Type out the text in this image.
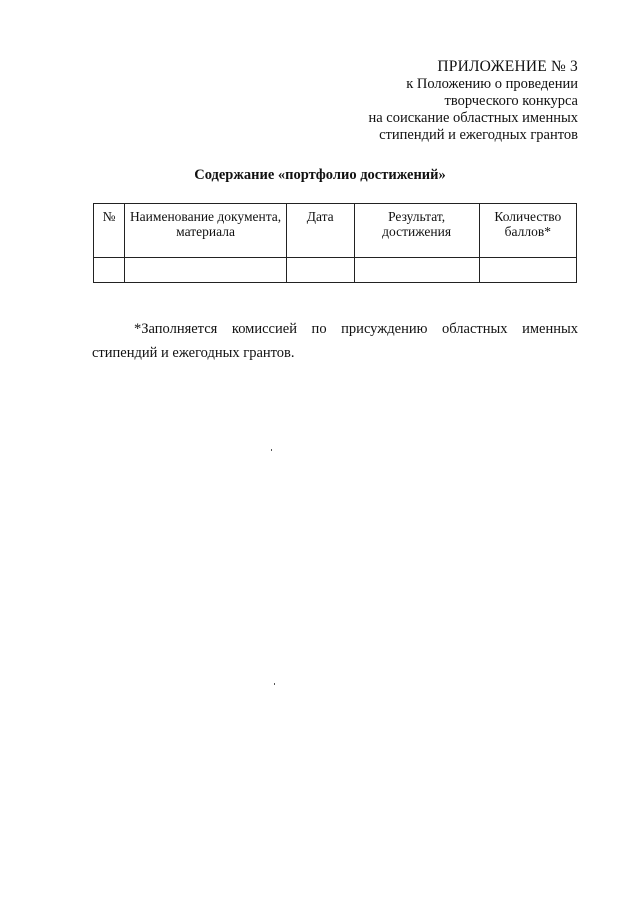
ПРИЛОЖЕНИЕ № 3
к Положению о проведении
творческого конкурса
на соискание областных именных
стипендий и ежегодных грантов
Содержание «портфолио достижений»
№	Наименование документа, материала	Дата	Результат, достижения	Количество баллов*

*Заполняется комиссией по присуждению областных именных стипендий и ежегодных грантов.
